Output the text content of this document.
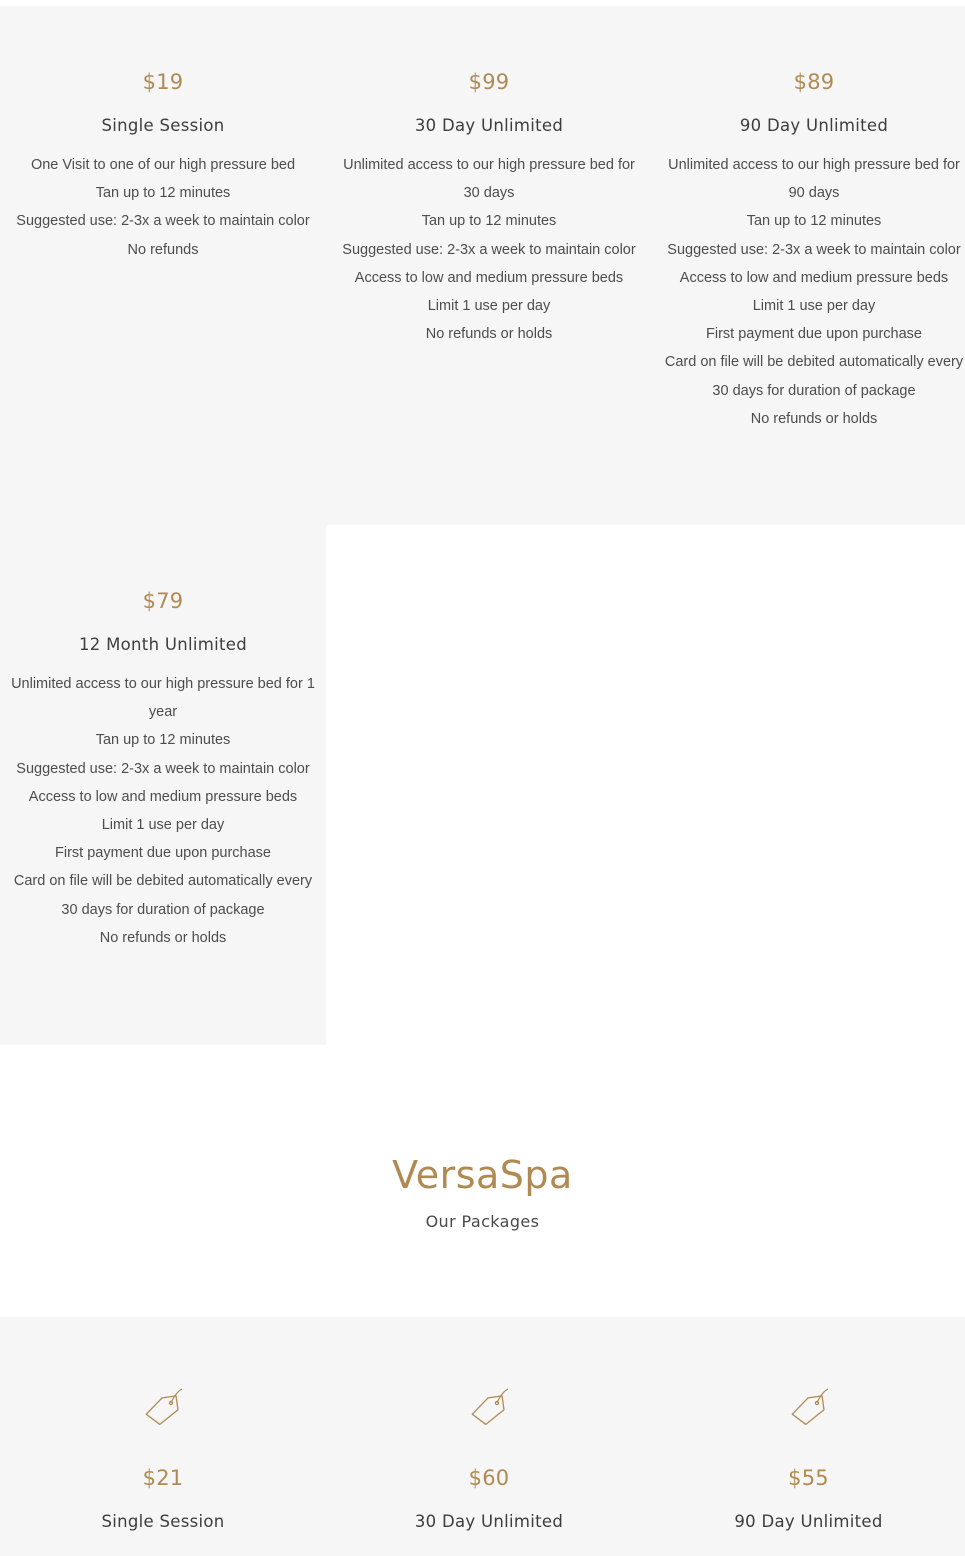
$19
Single Session
One Visit to one of our high pressure bed
Tan up to 12 minutes
Suggested use: 2-3x a week to maintain color
No refunds
$99
30 Day Unlimited
Unlimited access to our high pressure bed for 30 days
Tan up to 12 minutes
Suggested use: 2-3x a week to maintain color
Access to low and medium pressure beds
Limit 1 use per day
No refunds or holds
$89
90 Day Unlimited
Unlimited access to our high pressure bed for 90 days
Tan up to 12 minutes
Suggested use: 2-3x a week to maintain color
Access to low and medium pressure beds
Limit 1 use per day
First payment due upon purchase
Card on file will be debited automatically every 30 days for duration of package
No refunds or holds
$79
12 Month Unlimited
Unlimited access to our high pressure bed for 1 year
Tan up to 12 minutes
Suggested use: 2-3x a week to maintain color
Access to low and medium pressure beds
Limit 1 use per day
First payment due upon purchase
Card on file will be debited automatically every 30 days for duration of package
No refunds or holds
VersaSpa
Our Packages
$21
Single Session
$60
30 Day Unlimited
$55
90 Day Unlimited
